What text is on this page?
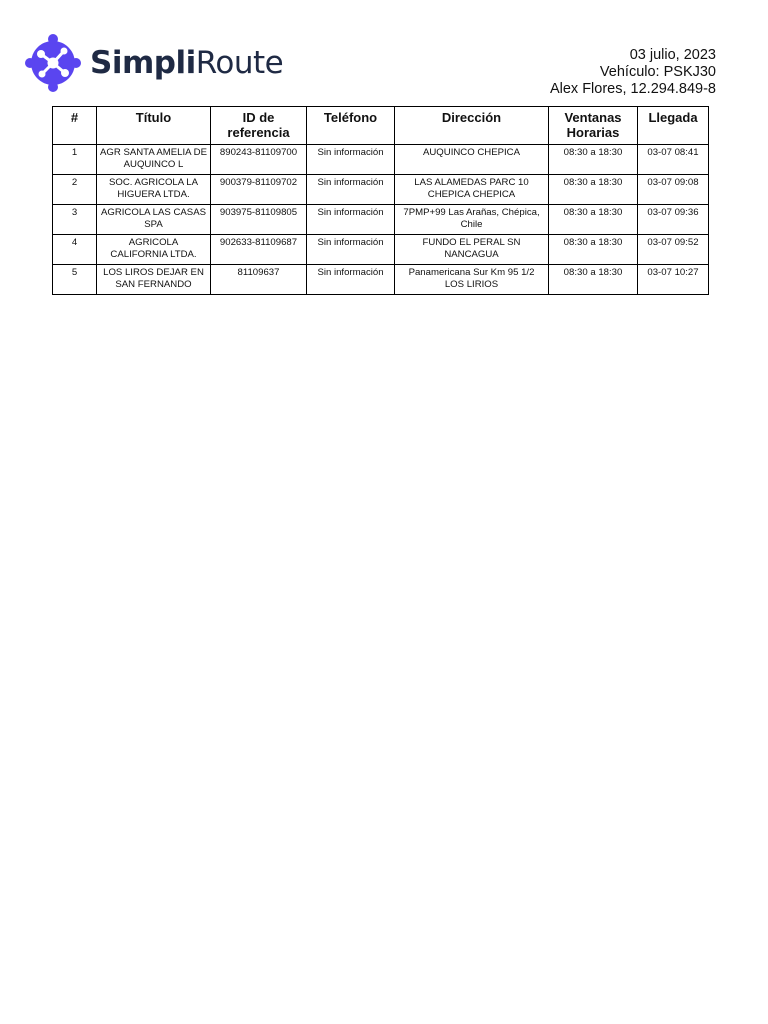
SimpliRoute	03 julio, 2023
Vehículo: PSKJ30
Alex Flores, 12.294.849-8
#	Título	ID de referencia	Teléfono	Dirección	Ventanas Horarias	Llegada
1	AGR SANTA AMELIA DE AUQUINCO L	890243-81109700	Sin información	AUQUINCO CHEPICA	08:30 a 18:30	03-07 08:41
2	SOC. AGRICOLA LA HIGUERA LTDA.	900379-81109702	Sin información	LAS ALAMEDAS PARC 10 CHEPICA CHEPICA	08:30 a 18:30	03-07 09:08
3	AGRICOLA LAS CASAS SPA	903975-81109805	Sin información	7PMP+99 Las Arañas, Chépica, Chile	08:30 a 18:30	03-07 09:36
4	AGRICOLA CALIFORNIA LTDA.	902633-81109687	Sin información	FUNDO EL PERAL SN NANCAGUA	08:30 a 18:30	03-07 09:52
5	LOS LIROS DEJAR EN SAN FERNANDO	81109637	Sin información	Panamericana Sur Km 95 1/2 LOS LIRIOS	08:30 a 18:30	03-07 10:27
